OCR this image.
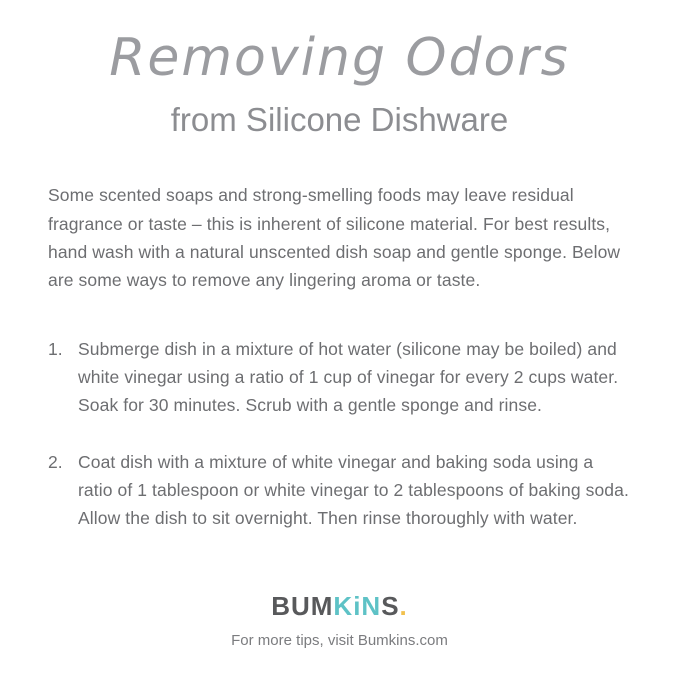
Removing Odors
from Silicone Dishware

Some scented soaps and strong-smelling foods may leave residual fragrance or taste – this is inherent of silicone material. For best results, hand wash with a natural unscented dish soap and gentle sponge. Below are some ways to remove any lingering aroma or taste.

1. Submerge dish in a mixture of hot water (silicone may be boiled) and white vinegar using a ratio of 1 cup of vinegar for every 2 cups water. Soak for 30 minutes. Scrub with a gentle sponge and rinse.
2. Coat dish with a mixture of white vinegar and baking soda using a ratio of 1 tablespoon or white vinegar to 2 tablespoons of baking soda. Allow the dish to sit overnight. Then rinse thoroughly with water.
BUMKiNS.
For more tips, visit Bumkins.com
